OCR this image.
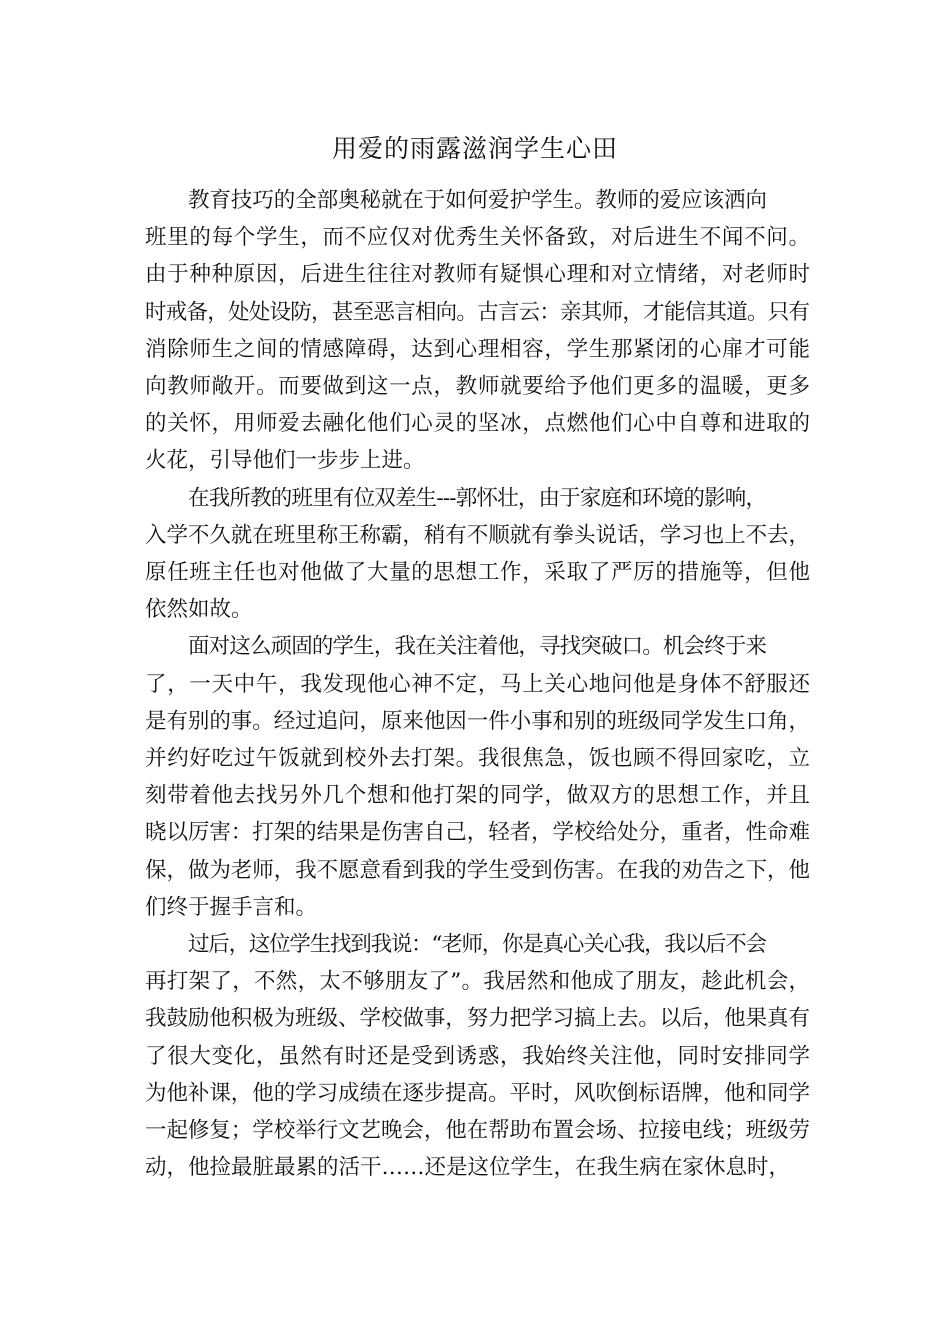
用爱的雨露滋润学生心田

教育技巧的全部奥秘就在于如何爱护学生。教师的爱应该洒向
班里的每个学生，而不应仅对优秀生关怀备致，对后进生不闻不问。
由于种种原因，后进生往往对教师有疑惧心理和对立情绪，对老师时
时戒备，处处设防，甚至恶言相向。古言云：亲其师，才能信其道。只有
消除师生之间的情感障碍，达到心理相容，学生那紧闭的心扉才可能
向教师敞开。而要做到这一点，教师就要给予他们更多的温暖，更多
的关怀，用师爱去融化他们心灵的坚冰，点燃他们心中自尊和进取的
火花，引导他们一步步上进。

在我所教的班里有位双差生---郭怀壮，由于家庭和环境的影响，
入学不久就在班里称王称霸，稍有不顺就有拳头说话，学习也上不去，
原任班主任也对他做了大量的思想工作，采取了严厉的措施等，但他
依然如故。

面对这么顽固的学生，我在关注着他，寻找突破口。机会终于来
了，一天中午，我发现他心神不定，马上关心地问他是身体不舒服还
是有别的事。经过追问，原来他因一件小事和别的班级同学发生口角，
并约好吃过午饭就到校外去打架。我很焦急，饭也顾不得回家吃，立
刻带着他去找另外几个想和他打架的同学，做双方的思想工作，并且
晓以厉害：打架的结果是伤害自己，轻者，学校给处分，重者，性命难
保，做为老师，我不愿意看到我的学生受到伤害。在我的劝告之下，他
们终于握手言和。

过后，这位学生找到我说：“老师，你是真心关心我，我以后不会
再打架了，不然，太不够朋友了”。我居然和他成了朋友，趁此机会，
我鼓励他积极为班级、学校做事，努力把学习搞上去。以后，他果真有
了很大变化，虽然有时还是受到诱惑，我始终关注他，同时安排同学
为他补课，他的学习成绩在逐步提高。平时，风吹倒标语牌，他和同学
一起修复；学校举行文艺晚会，他在帮助布置会场、拉接电线；班级劳
动，他捡最脏最累的活干……还是这位学生，在我生病在家休息时，
